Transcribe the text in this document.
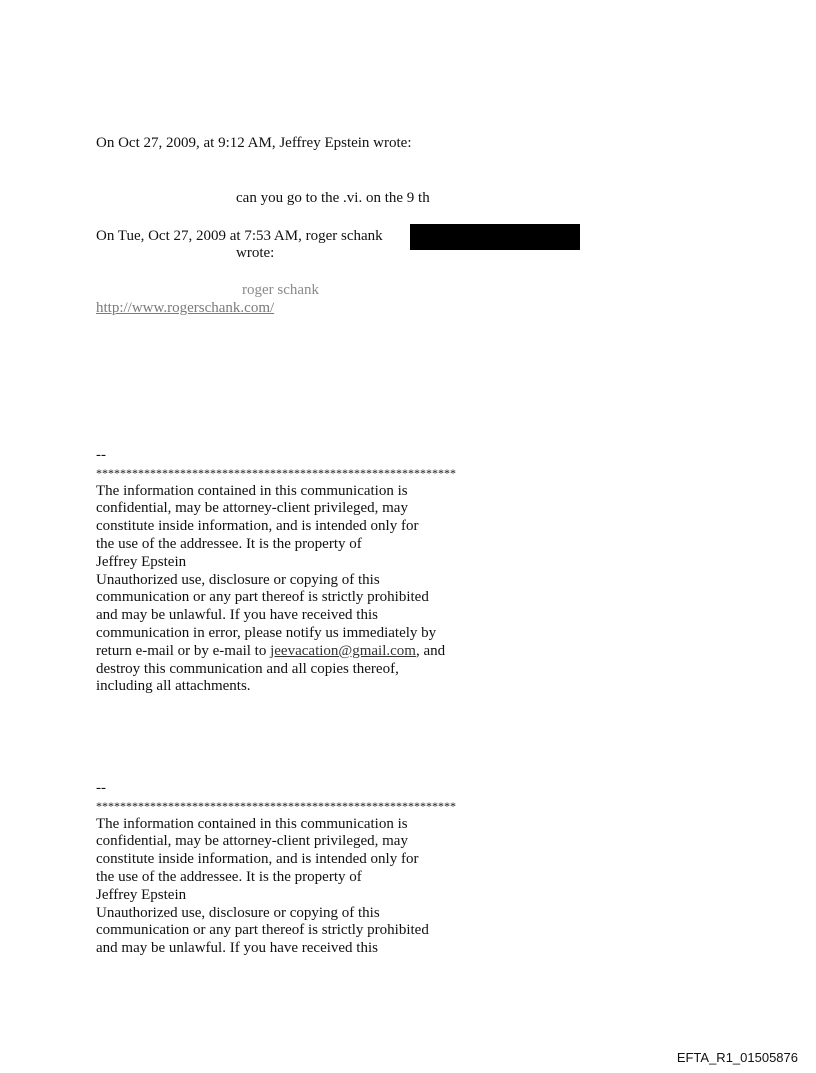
On Oct 27, 2009, at 9:12 AM, Jeffrey Epstein wrote:
can you go to the .vi. on the 9 th
On Tue, Oct 27, 2009 at 7:53 AM, roger schank
wrote:
roger schank
http://www.rogerschank.com/
--
************************************************************
The information contained in this communication is
confidential, may be attorney-client privileged, may
constitute inside information, and is intended only for
the use of the addressee. It is the property of
Jeffrey Epstein
Unauthorized use, disclosure or copying of this
communication or any part thereof is strictly prohibited
and may be unlawful. If you have received this
communication in error, please notify us immediately by
return e-mail or by e-mail to jeevacation@gmail.com, and
destroy this communication and all copies thereof,
including all attachments.
--
************************************************************
The information contained in this communication is
confidential, may be attorney-client privileged, may
constitute inside information, and is intended only for
the use of the addressee. It is the property of
Jeffrey Epstein
Unauthorized use, disclosure or copying of this
communication or any part thereof is strictly prohibited
and may be unlawful. If you have received this
EFTA_R1_01505876
